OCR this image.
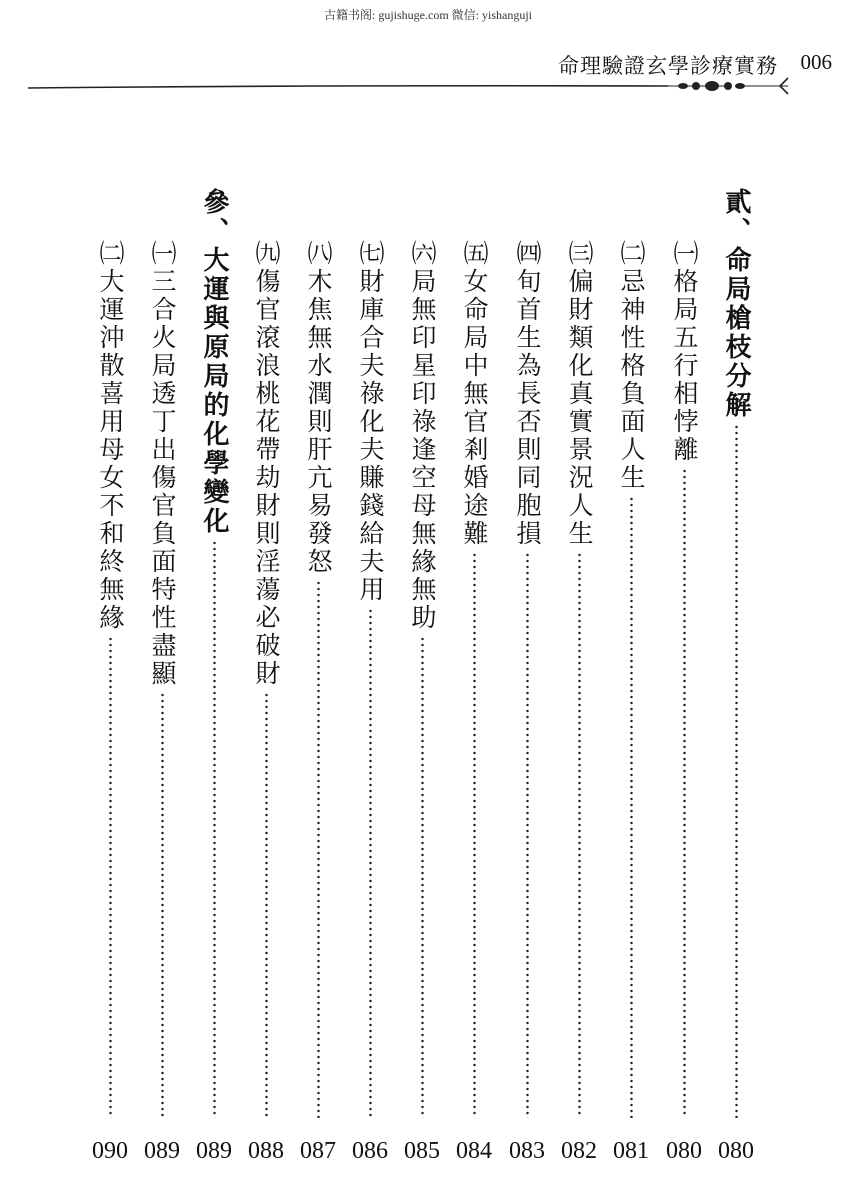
古籍书阁: gujishuge.com 微信: yishanguji
命理驗證玄學診療實務 006
貳、命局槍枝分解
080
㈠格局五行相悖離
080
㈡忌神性格負面人生
081
㈢偏財類化真實景況人生
082
㈣旬首生為長否則同胞損
083
㈤女命局中無官剎婚途難
084
㈥局無印星印祿逢空母無緣無助
085
㈦財庫合夫祿化夫賺錢給夫用
086
㈧木焦無水潤則肝亢易發怒
087
㈨傷官滾浪桃花帶劫財則淫蕩必破財
088
參、大運與原局的化學變化
089
㈠三合火局透丁出傷官負面特性盡顯
089
㈡大運沖散喜用母女不和終無緣
090
